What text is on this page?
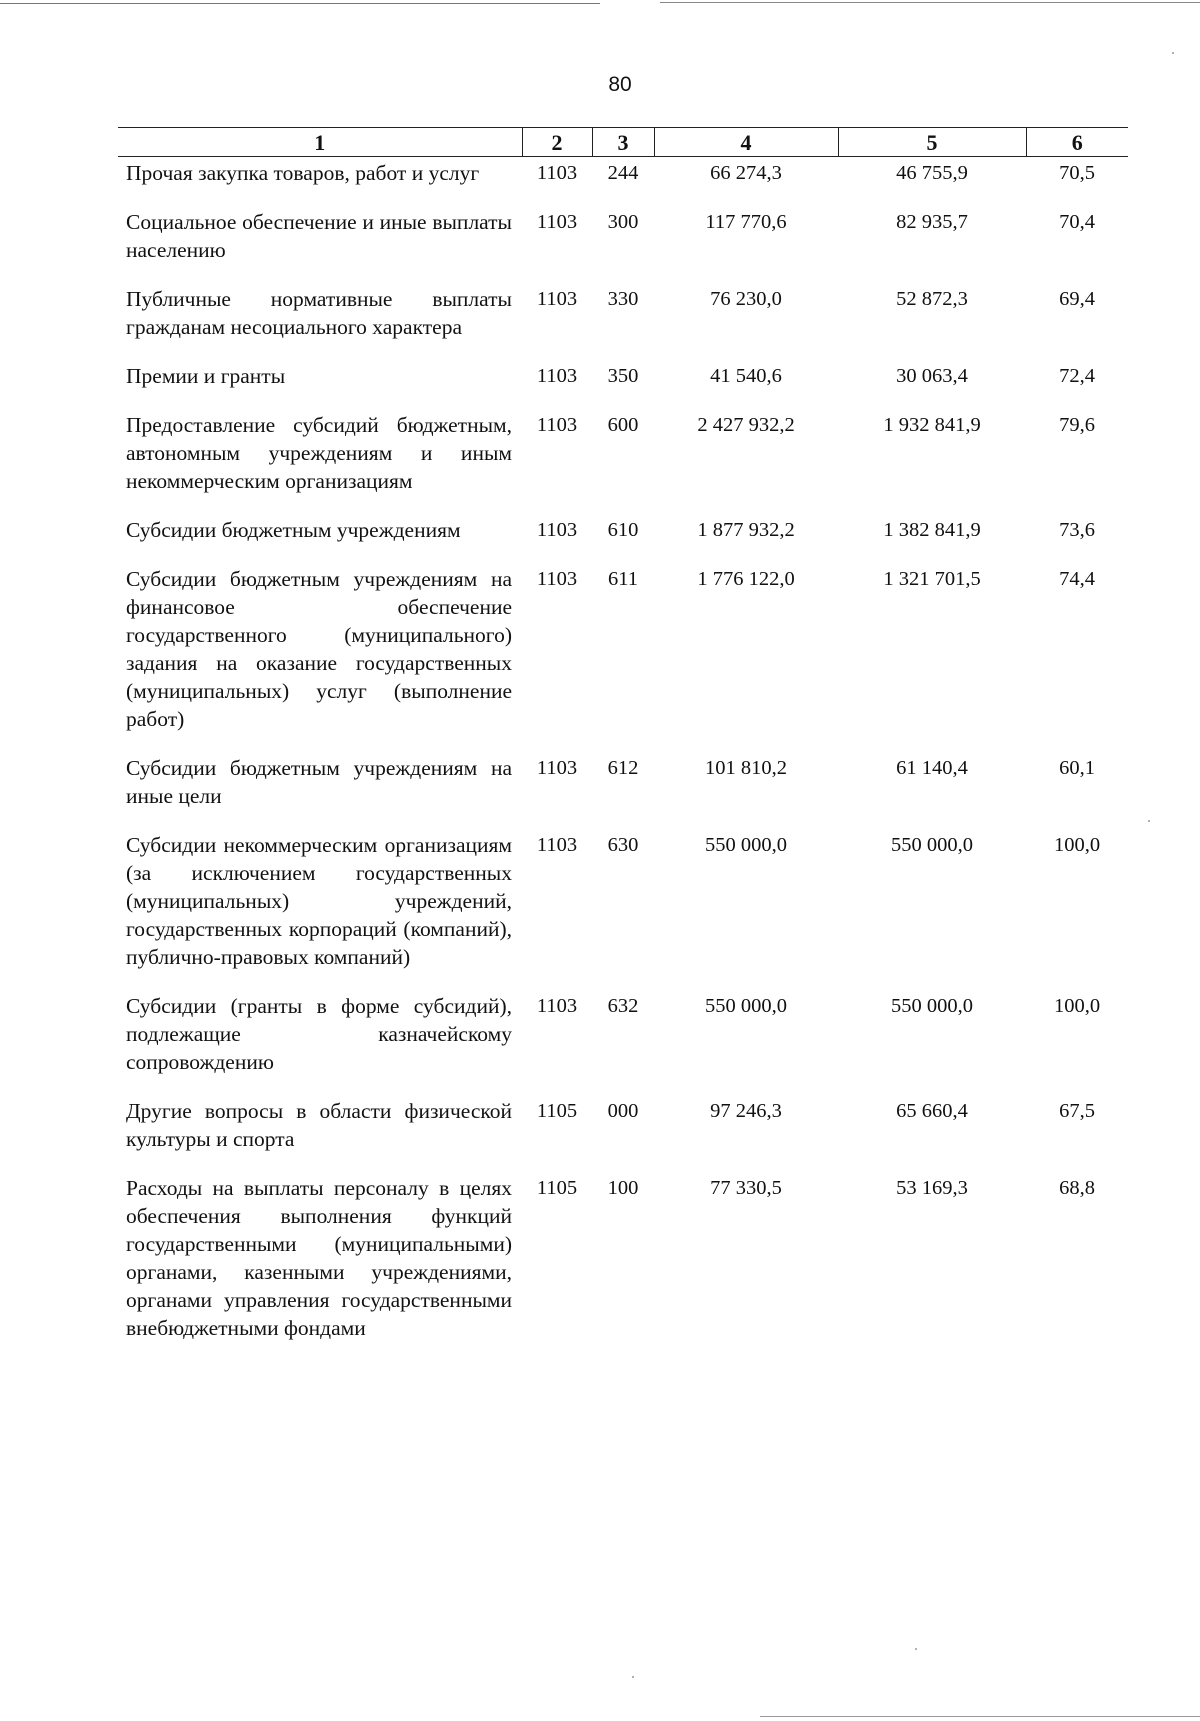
80
1	2	3	4	5	6
Прочая закупка товаров, работ и услуг	1103	244	66 274,3	46 755,9	70,5
Социальное обеспечение и иные выплаты населению	1103	300	117 770,6	82 935,7	70,4
Публичные нормативные выплаты гражданам несоциального характера	1103	330	76 230,0	52 872,3	69,4
Премии и гранты	1103	350	41 540,6	30 063,4	72,4
Предоставление субсидий бюджетным, автономным учреждениям и иным некоммерческим организациям	1103	600	2 427 932,2	1 932 841,9	79,6
Субсидии бюджетным учреждениям	1103	610	1 877 932,2	1 382 841,9	73,6
Субсидии бюджетным учреждениям на финансовое обеспечение государственного (муниципального) задания на оказание государственных (муниципальных) услуг (выполнение работ)	1103	611	1 776 122,0	1 321 701,5	74,4
Субсидии бюджетным учреждениям на иные цели	1103	612	101 810,2	61 140,4	60,1
Субсидии некоммерческим организациям (за исключением государственных (муниципальных) учреждений, государственных корпораций (компаний), публично-правовых компаний)	1103	630	550 000,0	550 000,0	100,0
Субсидии (гранты в форме субсидий), подлежащие казначейскому сопровождению	1103	632	550 000,0	550 000,0	100,0
Другие вопросы в области физической культуры и спорта	1105	000	97 246,3	65 660,4	67,5
Расходы на выплаты персоналу в целях обеспечения выполнения функций государственными (муниципальными) органами, казенными учреждениями, органами управления государственными внебюджетными фондами	1105	100	77 330,5	53 169,3	68,8
